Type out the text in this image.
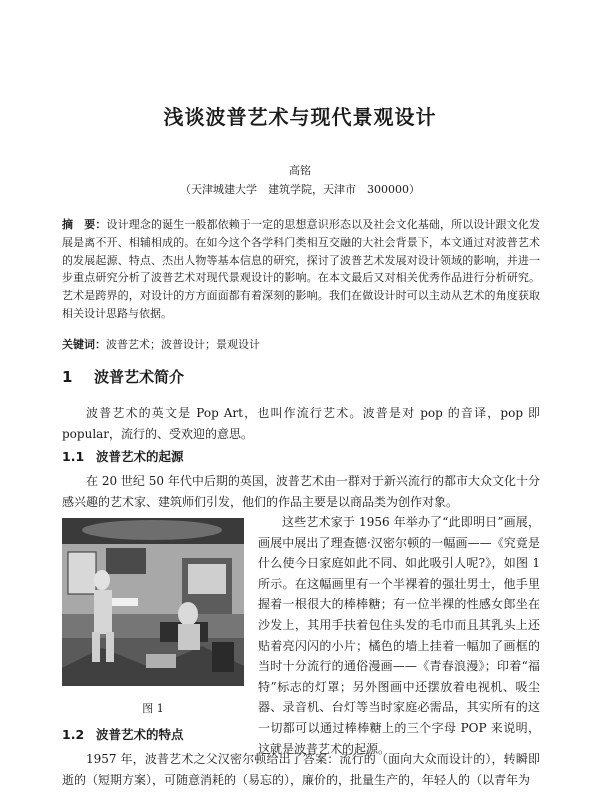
浅谈波普艺术与现代景观设计
高铭
（天津城建大学　建筑学院，天津市　300000）
摘　要：设计理念的诞生一般都依赖于一定的思想意识形态以及社会文化基础，所以设计跟文化发展是离不开、相辅相成的。在如今这个各学科门类相互交融的大社会背景下，本文通过对波普艺术的发展起源、特点、杰出人物等基本信息的研究，探讨了波普艺术发展对设计领域的影响，并进一步重点研究分析了波普艺术对现代景观设计的影响。在本文最后又对相关优秀作品进行分析研究。艺术是跨界的，对设计的方方面面都有着深刻的影响。我们在做设计时可以主动从艺术的角度获取相关设计思路与依据。
关键词：波普艺术；波普设计；景观设计
1 波普艺术简介
波普艺术的英文是 Pop Art，也叫作流行艺术。波普是对 pop 的音译，pop 即 popular，流行的、受欢迎的意思。
1.1 波普艺术的起源
在 20 世纪 50 年代中后期的英国，波普艺术由一群对于新兴流行的都市大众文化十分感兴趣的艺术家、建筑师们引发，他们的作品主要是以商品类为创作对象。
这些艺术家于 1956 年举办了“此即明日”画展，画展中展出了理查德·汉密尔顿的一幅画——《究竟是什么使今日家庭如此不同、如此吸引人呢?》，如图 1 所示。在这幅画里有一个半裸着的强壮男士，他手里握着一根很大的棒棒糖；有一位半裸的性感女郎坐在沙发上，其用手扶着包住头发的毛巾而且其乳头上还贴着亮闪闪的小片；橘色的墙上挂着一幅加了画框的当时十分流行的通俗漫画——《青春浪漫》；印着“福特”标志的灯罩；另外图画中还摆放着电视机、吸尘器、录音机、台灯等当时家庭必需品，其实所有的这一切都可以通过棒棒糖上的三个字母 POP 来说明，这就是波普艺术的起源。
图 1
1.2 波普艺术的特点
1957 年，波普艺术之父汉密尔顿给出了答案：流行的（面向大众而设计的），转瞬即逝的（短期方案），可随意消耗的（易忘的），廉价的，批量生产的，年轻人的（以青年为
